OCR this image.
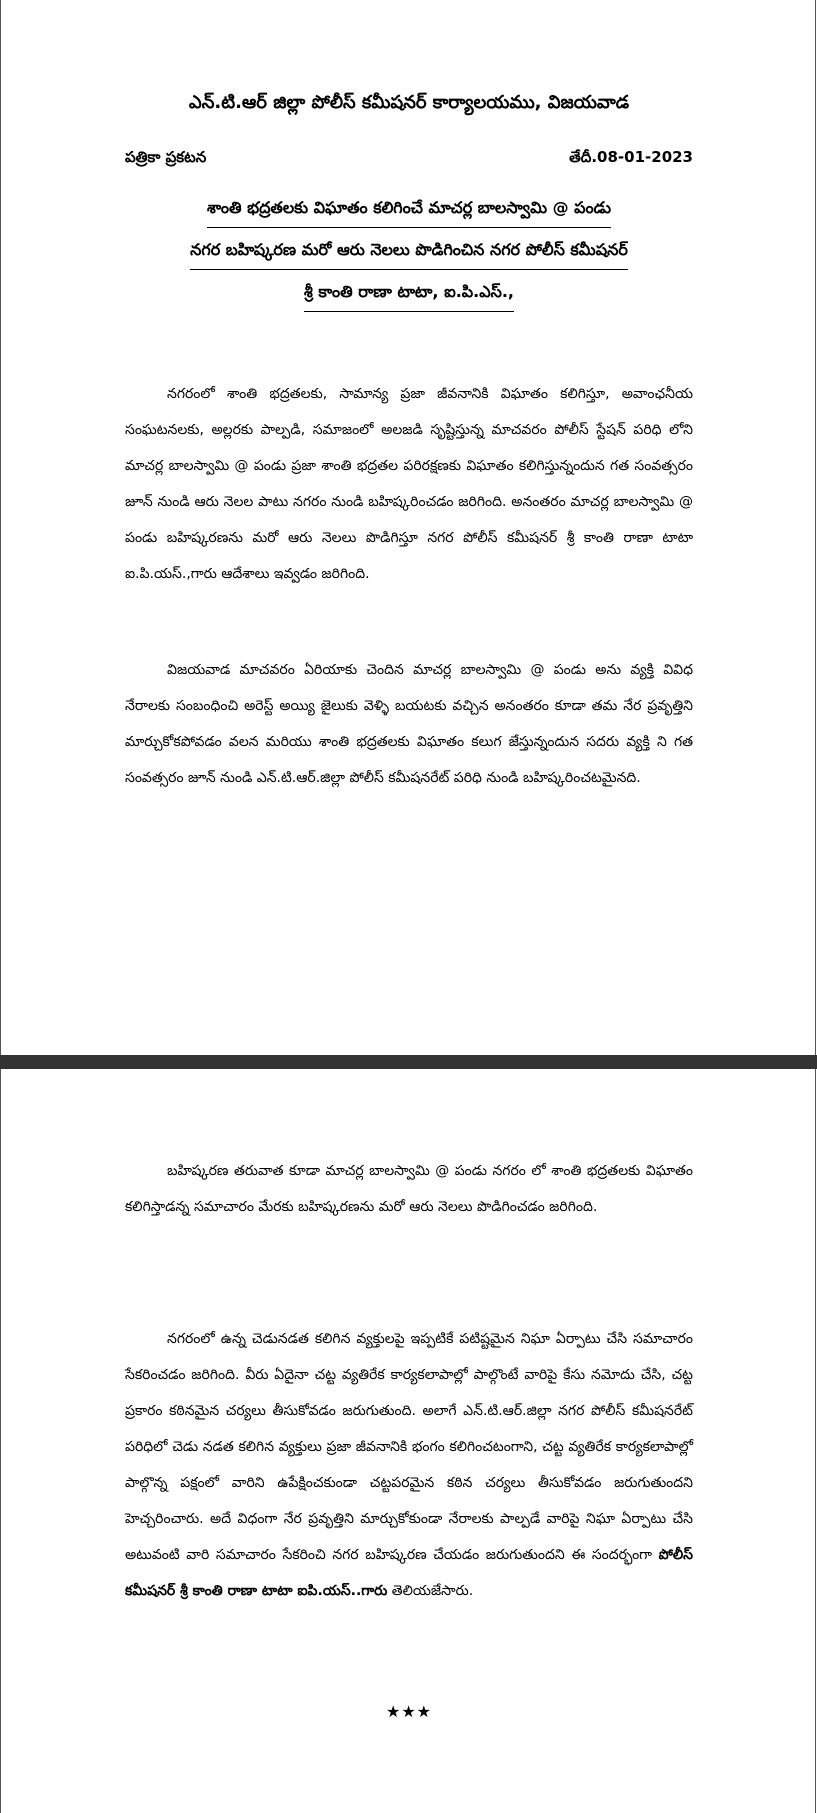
ఎన్.టి.ఆర్ జిల్లా పోలీస్ కమీషనర్ కార్యాలయము, విజయవాడ
పత్రికా ప్రకటన	తేదీ.08-01-2023
శాంతి భద్రతలకు విఘాతం కలిగించే మాచర్ల బాలస్వామి @ పండు
నగర బహిష్కరణ మరో ఆరు నెలలు పొడిగించిన నగర పోలీస్ కమీషనర్
శ్రీ కాంతి రాణా టాటా, ఐ.పి.ఎస్.,

నగరంలో శాంతి భద్రతలకు, సామాన్య ప్రజా జీవనానికి విఘాతం కలిగిస్తూ, అవాంఛనీయ సంఘటనలకు, అల్లరకు పాల్పడి, సమాజంలో అలజడి సృష్టిస్తున్న మాచవరం పోలీస్ స్టేషన్ పరిధి లోని మాచర్ల బాలస్వామి @ పండు ప్రజా శాంతి భద్రతల పరిరక్షణకు విఘాతం కలిగిస్తున్నందున గత సంవత్సరం జూన్ నుండి ఆరు నెలల పాటు నగరం నుండి బహిష్కరించడం జరిగింది. అనంతరం మాచర్ల బాలస్వామి @ పండు బహిష్కరణను మరో ఆరు నెలలు పొడిగిస్తూ నగర పోలీస్ కమీషనర్ శ్రీ కాంతి రాణా టాటా ఐ.పి.యస్.,గారు ఆదేశాలు ఇవ్వడం జరిగింది.

విజయవాడ మాచవరం ఏరియాకు చెందిన మాచర్ల బాలస్వామి @ పండు అను వ్యక్తి వివిధ నేరాలకు సంబంధించి అరెస్ట్ అయ్యి జైలుకు వెళ్ళి బయటకు వచ్చిన అనంతరం కూడా తమ నేర ప్రవృత్తిని మార్చుకోకపోవడం వలన మరియు శాంతి భద్రతలకు విఘాతం కలుగ జేస్తున్నందున సదరు వ్యక్తి ని గత సంవత్సరం జూన్ నుండి ఎన్.టి.ఆర్.జిల్లా పోలీస్ కమీషనరేట్ పరిధి నుండి బహిష్కరించటమైనది.

బహిష్కరణ తరువాత కూడా మాచర్ల బాలస్వామి @ పండు నగరం లో శాంతి భద్రతలకు విఘాతం కలిగిస్తాడన్న సమాచారం మేరకు బహిష్కరణను మరో ఆరు నెలలు పొడిగించడం జరిగింది.

నగరంలో ఉన్న చెడునడత కలిగిన వ్యక్తులపై ఇప్పటికే పటిష్టమైన నిఘా ఏర్పాటు చేసి సమాచారం సేకరించడం జరిగింది. వీరు ఏదైనా చట్ట వ్యతిరేక కార్యకలాపాల్లో పాల్గొంటే వారిపై కేసు నమోదు చేసి, చట్ట ప్రకారం కఠినమైన చర్యలు తీసుకోవడం జరుగుతుంది. అలాగే ఎన్.టి.ఆర్.జిల్లా నగర పోలీస్ కమీషనరేట్ పరిధిలో చెడు నడత కలిగిన వ్యక్తులు ప్రజా జీవనానికి భంగం కలిగించటంగాని, చట్ట వ్యతిరేక కార్యకలాపాల్లో పాల్గొన్న పక్షంలో వారిని ఉపేక్షించకుండా చట్టపరమైన కఠిన చర్యలు తీసుకోవడం జరుగుతుందని హెచ్చరించారు. అదే విధంగా నేర ప్రవృత్తిని మార్చుకోకుండా నేరాలకు పాల్పడే వారిపై నిఘా ఏర్పాటు చేసి అటువంటి వారి సమాచారం సేకరించి నగర బహిష్కరణ చేయడం జరుగుతుందని ఈ సందర్భంగా పోలీస్ కమీషనర్ శ్రీ కాంతి రాణా టాటా ఐపి.యస్..గారు తెలియజేసారు.

★★★
